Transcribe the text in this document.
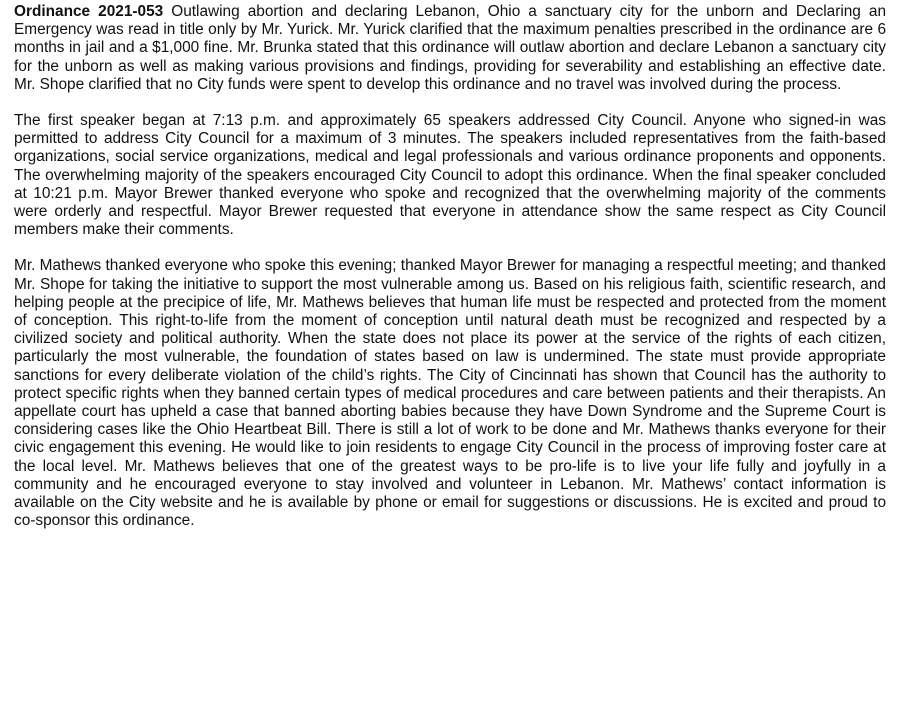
Ordinance 2021-053 Outlawing abortion and declaring Lebanon, Ohio a sanctuary city for the unborn and Declaring an Emergency was read in title only by Mr. Yurick. Mr. Yurick clarified that the maximum penalties prescribed in the ordinance are 6 months in jail and a $1,000 fine. Mr. Brunka stated that this ordinance will outlaw abortion and declare Lebanon a sanctuary city for the unborn as well as making various provisions and findings, providing for severability and establishing an effective date. Mr. Shope clarified that no City funds were spent to develop this ordinance and no travel was involved during the process.

The first speaker began at 7:13 p.m. and approximately 65 speakers addressed City Council. Anyone who signed-in was permitted to address City Council for a maximum of 3 minutes. The speakers included representatives from the faith-based organizations, social service organizations, medical and legal professionals and various ordinance proponents and opponents. The overwhelming majority of the speakers encouraged City Council to adopt this ordinance. When the final speaker concluded at 10:21 p.m. Mayor Brewer thanked everyone who spoke and recognized that the overwhelming majority of the comments were orderly and respectful. Mayor Brewer requested that everyone in attendance show the same respect as City Council members make their comments.

Mr. Mathews thanked everyone who spoke this evening; thanked Mayor Brewer for managing a respectful meeting; and thanked Mr. Shope for taking the initiative to support the most vulnerable among us. Based on his religious faith, scientific research, and helping people at the precipice of life, Mr. Mathews believes that human life must be respected and protected from the moment of conception. This right-to-life from the moment of conception until natural death must be recognized and respected by a civilized society and political authority. When the state does not place its power at the service of the rights of each citizen, particularly the most vulnerable, the foundation of states based on law is undermined. The state must provide appropriate sanctions for every deliberate violation of the child’s rights. The City of Cincinnati has shown that Council has the authority to protect specific rights when they banned certain types of medical procedures and care between patients and their therapists. An appellate court has upheld a case that banned aborting babies because they have Down Syndrome and the Supreme Court is considering cases like the Ohio Heartbeat Bill. There is still a lot of work to be done and Mr. Mathews thanks everyone for their civic engagement this evening. He would like to join residents to engage City Council in the process of improving foster care at the local level. Mr. Mathews believes that one of the greatest ways to be pro-life is to live your life fully and joyfully in a community and he encouraged everyone to stay involved and volunteer in Lebanon. Mr. Mathews’ contact information is available on the City website and he is available by phone or email for suggestions or discussions. He is excited and proud to co-sponsor this ordinance.
